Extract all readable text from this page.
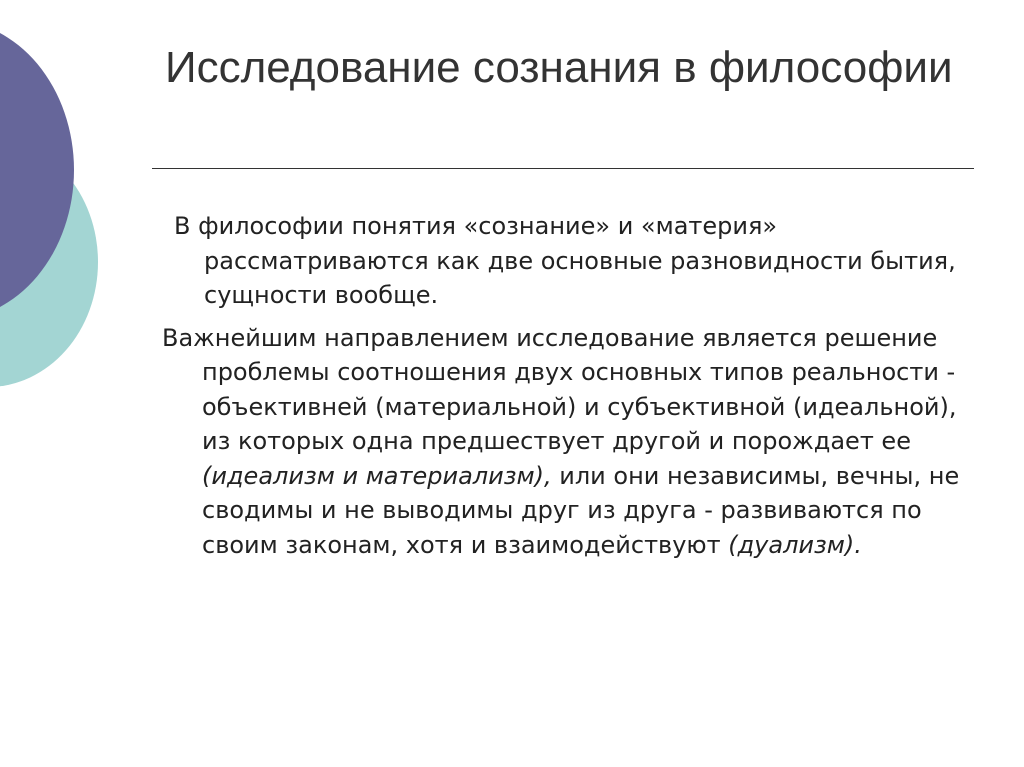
Исследование сознания в философии

В философии понятия «сознание» и «материя» рассматриваются как две основные разновидности бытия, сущности вообще.

Важнейшим направлением исследование является решение проблемы соотношения двух основных типов реальности - объективней (материальной) и субъективной (идеальной), из которых одна предшествует другой и порождает ее (идеализм и материализм), или они независимы, вечны, не сводимы и не выводимы друг из друга - развиваются по своим законам, хотя и взаимодействуют (дуализм).
